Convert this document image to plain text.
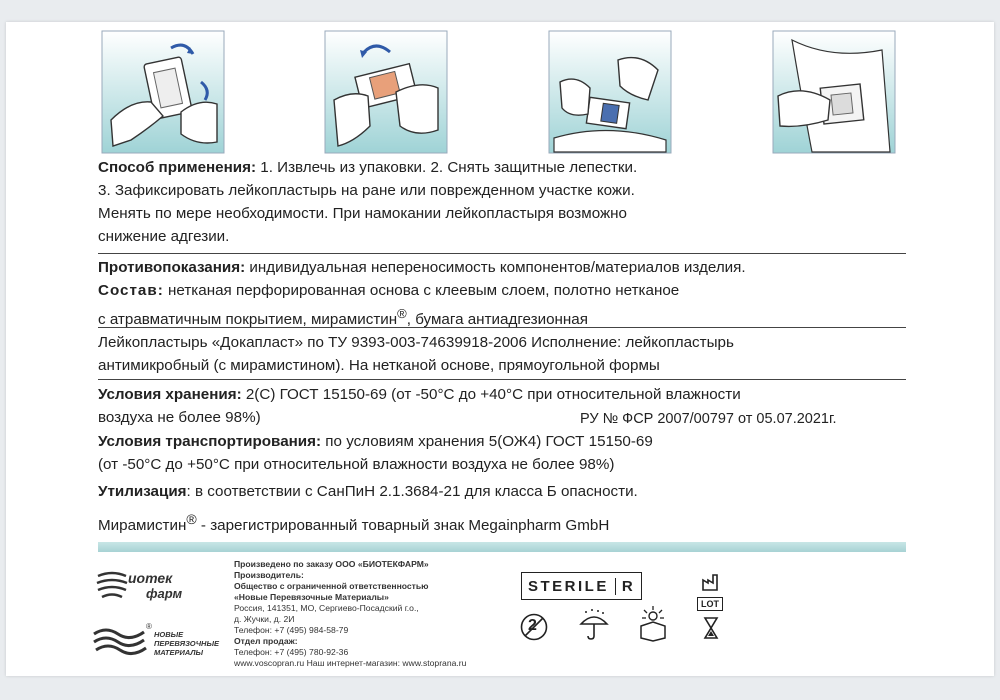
Способ применения: 1. Извлечь из упаковки. 2. Снять защитные лепестки.
3. Зафиксировать лейкопластырь на ране или поврежденном участке кожи.
Менять по мере необходимости. При намокании лейкопластыря возможно
снижение адгезии.
Противопоказания: индивидуальная непереносимость компонентов/материалов изделия.
Состав: нетканая перфорированная основа с клеевым слоем, полотно нетканое
с атравматичным покрытием, мирамистин®, бумага антиадгезионная
Лейкопластырь «Докапласт» по ТУ 9393-003-74639918-2006 Исполнение: лейкопластырь
антимикробный (с мирамистином). На нетканой основе, прямоугольной формы
Условия хранения: 2(С) ГОСТ 15150-69 (от -50°С до +40°С при относительной влажности
воздуха не более 98%)	РУ № ФСР 2007/00797 от 05.07.2021г.
Условия транспортирования: по условиям хранения 5(ОЖ4) ГОСТ 15150-69
(от -50°С до +50°С при относительной влажности воздуха не более 98%)
Утилизация: в соответствии с СанПиН 2.1.3684-21 для класса Б опасности.
Мирамистин® - зарегистрированный товарный знак Megainpharm GmbH
иотек
фарм
®
НОВЫЕ
ПЕРЕВЯЗОЧНЫЕ
МАТЕРИАЛЫ
Произведено по заказу ООО «БИОТЕКФАРМ»
Производитель:
Общество с ограниченной ответственностью
«Новые Перевязочные Материалы»
Россия, 141351, МО, Сергиево-Посадский г.о.,
д. Жучки, д. 2И
Телефон: +7 (495) 984-58-79
Отдел продаж:
Телефон: +7 (495) 780-92-36
www.voscopran.ru Наш интернет-магазин: www.stoprana.ru
STERILE R
LOT
2
